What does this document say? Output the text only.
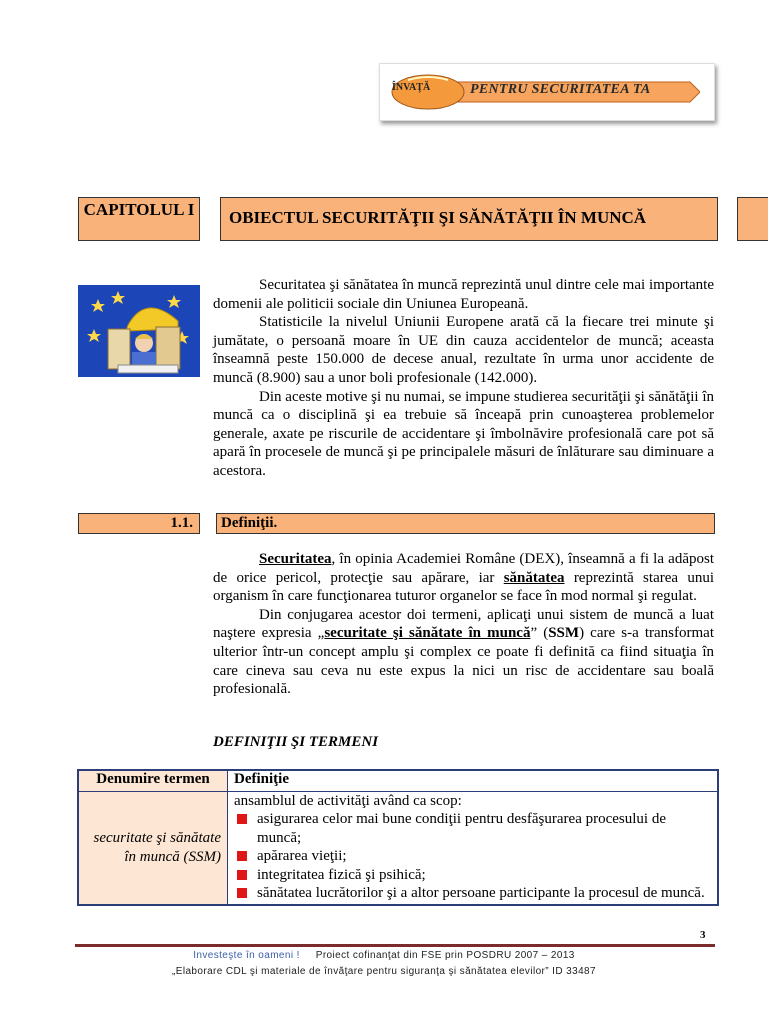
ÎNVAŢĂ	PENTRU SECURITATEA TA
CAPITOLUL I	OBIECTUL SECURITĂŢII ŞI SĂNĂTĂŢII ÎN MUNCĂ

Securitatea şi sănătatea în muncă reprezintă unul dintre cele mai importante domenii ale politicii sociale din Uniunea Europeană.

Statisticile la nivelul Uniunii Europene arată că la fiecare trei minute şi jumătate, o persoană moare în UE din cauza accidentelor de muncă; aceasta înseamnă peste 150.000 de decese anual, rezultate în urma unor accidente de muncă (8.900) sau a unor boli profesionale (142.000).

Din aceste motive şi nu numai, se impune studierea securităţii şi sănătăţii în muncă ca o disciplină şi ea trebuie să înceapă prin cunoaşterea problemelor generale, axate pe riscurile de accidentare şi îmbolnăvire profesională care pot să apară în procesele de muncă şi pe principalele măsuri de înlăturare sau diminuare a acestora.

1.1.	Definiţii.

Securitatea, în opinia Academiei Române (DEX), înseamnă a fi la adăpost de orice pericol, protecţie sau apărare, iar sănătatea reprezintă starea unui organism în care funcţionarea tuturor organelor se face în mod normal şi regulat.

Din conjugarea acestor doi termeni, aplicaţi unui sistem de muncă a luat naştere expresia „securitate şi sănătate în muncă” (SSM) care s-a transformat ulterior într-un concept amplu şi complex ce poate fi definită ca fiind situaţia în care cineva sau ceva nu este expus la nici un risc de accidentare sau boală profesională.

DEFINIŢII ŞI TERMENI
Denumire termen	Definiţie
securitate şi sănătate în muncă (SSM)	ansamblul de activităţi având ca scop:
asigurarea celor mai bune condiţii pentru desfăşurarea procesului de muncă;
apărarea vieţii;
integritatea fizică şi psihică;
sănătatea lucrătorilor şi a altor persoane participante la procesul de muncă.
3
Investeşte în oameni ! Proiect cofinanţat din FSE prin POSDRU 2007 – 2013
„Elaborare CDL şi materiale de învăţare pentru siguranţa şi sănătatea elevilor” ID 33487
